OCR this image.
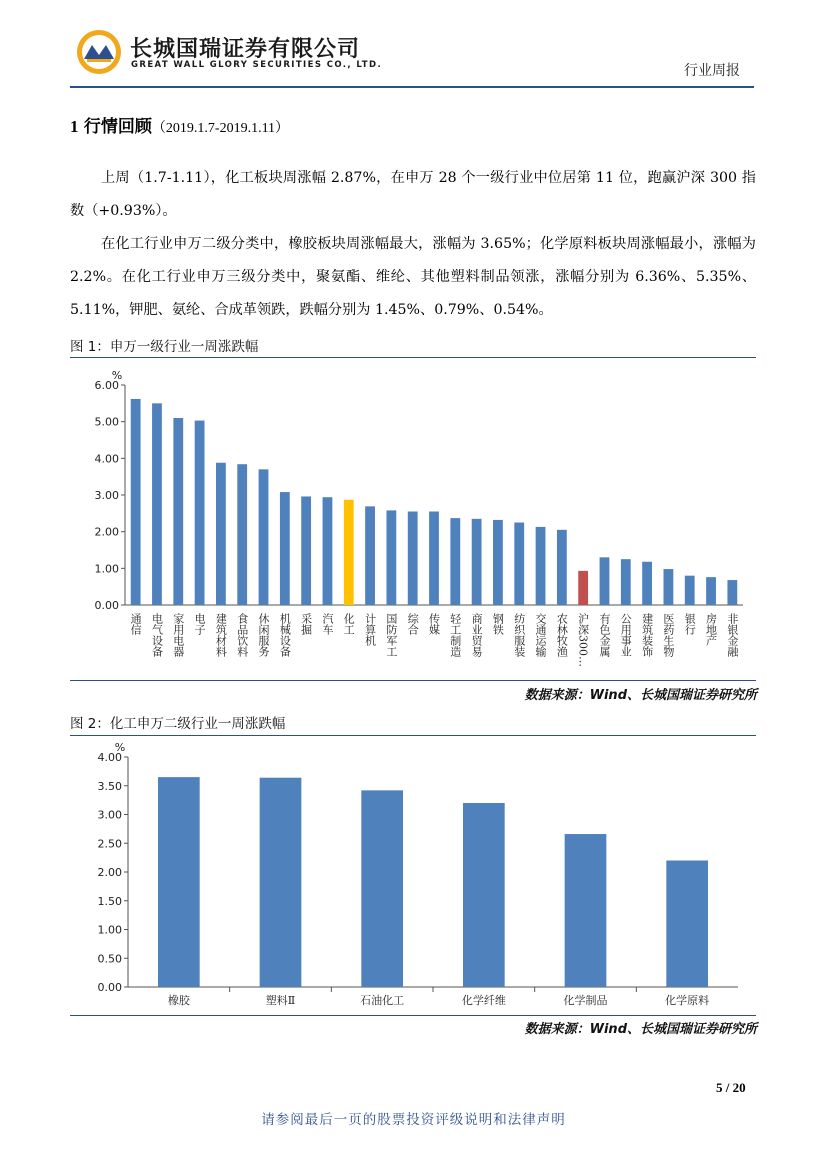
长城国瑞证券有限公司
GREAT WALL GLORY SECURITIES CO., LTD.	行业周报
1 行情回顾（2019.1.7-2019.1.11）
上周（1.7-1.11），化工板块周涨幅 2.87%，在申万 28 个一级行业中位居第 11 位，跑赢沪深 300 指数（+0.93%）。
在化工行业申万二级分类中，橡胶板块周涨幅最大，涨幅为 3.65%；化学原料板块周涨幅最小，涨幅为 2.2%。在化工行业申万三级分类中，聚氨酯、维纶、其他塑料制品领涨，涨幅分别为 6.36%、5.35%、5.11%，钾肥、氨纶、合成革领跌，跌幅分别为 1.45%、0.79%、0.54%。
图 1：申万一级行业一周涨跌幅
%
0.00
1.00
2.00
3.00
4.00
5.00
6.00
通信 电气设备 家用电器 电子 建筑材料 食品饮料 休闲服务 机械设备 采掘 汽车 化工 计算机 国防军工 综合 传媒 轻工制造 商业贸易 钢铁 纺织服装 交通运输 农林牧渔 沪深300… 有色金属 公用事业 建筑装饰 医药生物 银行 房地产 非银金融
数据来源：Wind、长城国瑞证券研究所
图 2：化工申万二级行业一周涨跌幅
%
0.00
0.50
1.00
1.50
2.00
2.50
3.00
3.50
4.00
橡胶	塑料Ⅱ	石油化工	化学纤维	化学制品	化学原料
数据来源：Wind、长城国瑞证券研究所
5 / 20
请参阅最后一页的股票投资评级说明和法律声明
